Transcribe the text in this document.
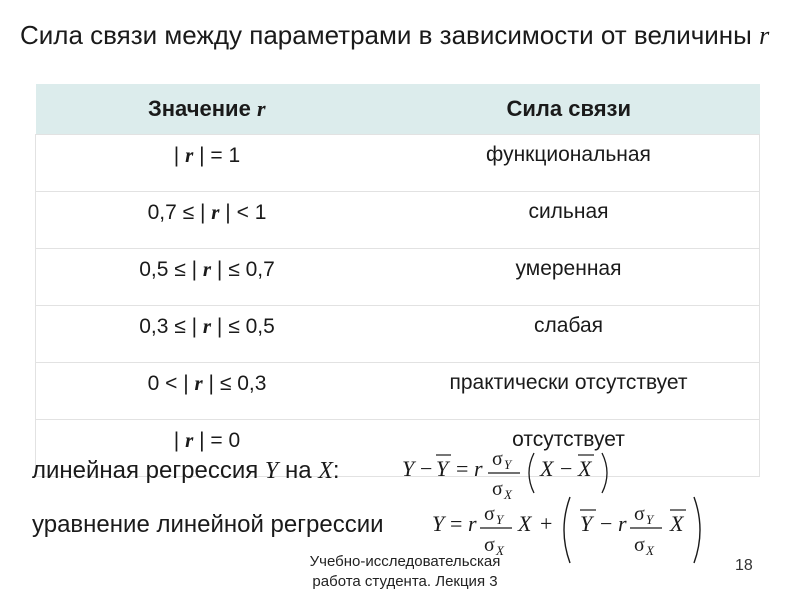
Сила связи между параметрами в зависимости от величины r
Значение r	Сила связи
| r | = 1	функциональная
0,7 ≤ | r | < 1	сильная
0,5 ≤ | r | ≤ 0,7	умеренная
0,3 ≤ | r | ≤ 0,5	слабая
0 < | r | ≤ 0,3	практически отсутствует
| r | = 0	отсутствует
линейная регрессия Y на X:	Y − Y = r σ Y
σ X
X − X
уравнение линейной регрессии Y = r σ Y
σ X
X + Y − r σ Y
σ X
X
Учебно-исследовательская
работа студента. Лекция 3
18
